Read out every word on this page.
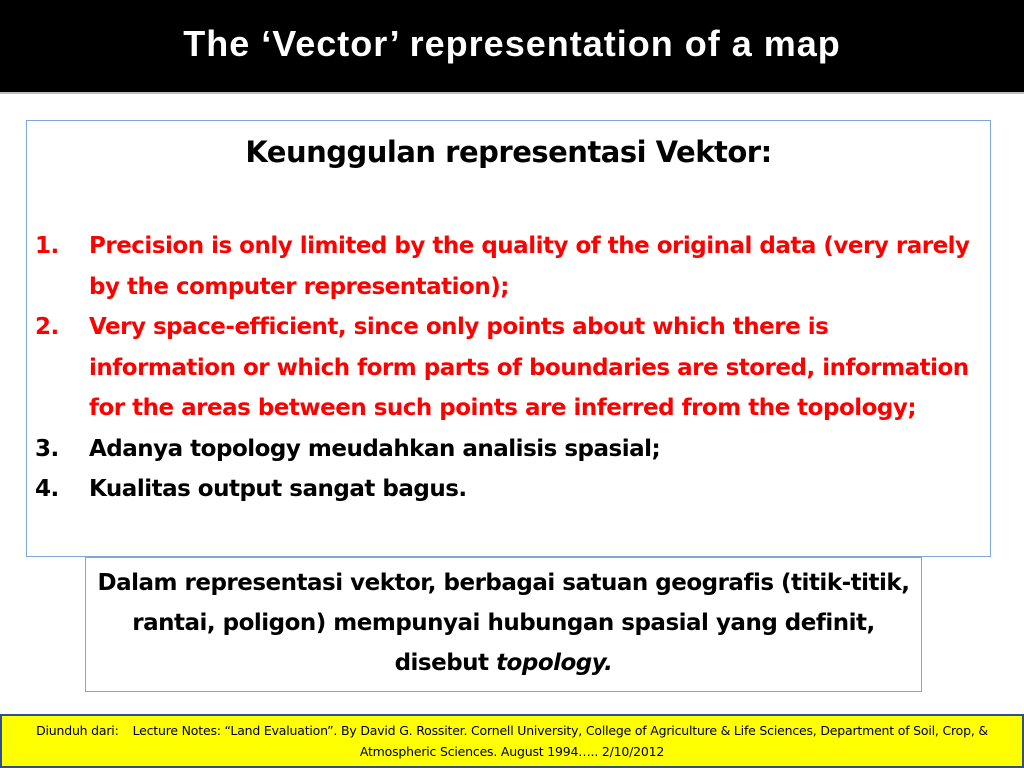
The ‘Vector’ representation of a map
Keunggulan representasi Vektor:
1. Precision is only limited by the quality of the original data (very rarely by the computer representation);
2. Very space-efficient, since only points about which there is information or which form parts of boundaries are stored, information for the areas between such points are inferred from the topology;
3. Adanya topology meudahkan analisis spasial;
4. Kualitas output sangat bagus.
Dalam representasi vektor, berbagai satuan geografis (titik-titik, rantai, poligon) mempunyai hubungan spasial yang definit, disebut topology.
Diunduh dari: Lecture Notes: “Land Evaluation”. By David G. Rossiter. Cornell University, College of Agriculture & Life Sciences, Department of Soil, Crop, & Atmospheric Sciences. August 1994….. 2/10/2012
